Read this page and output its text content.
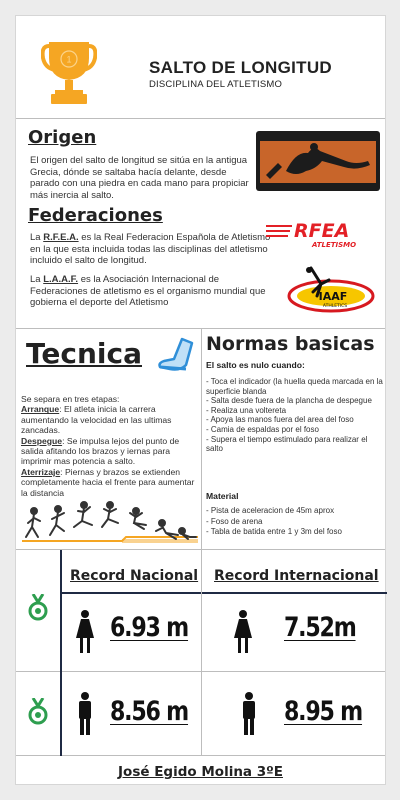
1	SALTO DE LONGITUD
DISCIPLINA DEL ATLETISMO
Origen
El origen del salto de longitud se sitúa en la antigua Grecia, dónde se saltaba hacía delante, desde parado con una piedra en cada mano para propiciar más inercia al salto.
Federaciones
La R.F.E.A. es la Real Federacion Española de Atletismo en la que esta incluida todas las disciplinas del atletismo incluido el salto de longitud.
RFEA
ATLETISMO
La L.A.A.F. es la Asociación Internacional de Federaciones de atletismo es el organismo mundial que gobierna el deporte del Atletismo	IAAF
ATHLETICS
Tecnica

Se separa en tres etapas:

Arranque: El atleta inicia la carrera aumentando la velocidad en las ultimas zancadas.

Despegue: Se impulsa lejos del punto de salida afitando los brazos y iernas para imprimir mas potencia a salto.

Aterrizaje: Piernas y brazos se extienden completamente hacia el frente para aumentar la distancia

Normas basicas
El salto es nulo cuando:
- Toca el indicador (la huella queda marcada en la superficie blanda
- Salta desde fuera de la plancha de despegue
- Realiza una voltereta
- Apoya las manos fuera del area del foso
- Camia de espaldas por el foso
- Supera el tiempo estimulado para realizar el salto
Material
- Pista de aceleracion de 45m aprox
- Foso de arena
- Tabla de batida entre 1 y 3m del foso
Record Nacional Record Internacional
6.93 m	7.52m
8.56 m	8.95 m
José Egido Molina 3ºE
